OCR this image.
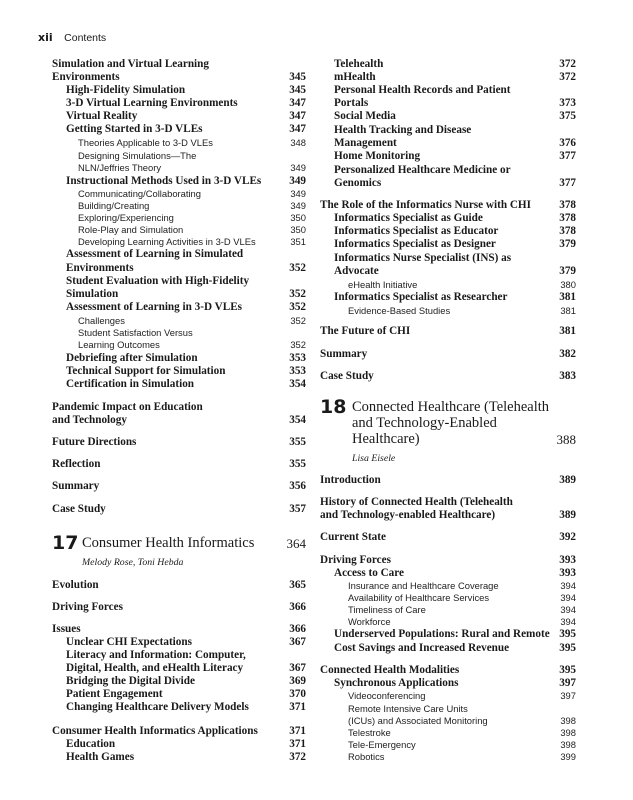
xii Contents
Simulation and Virtual Learning
Environments	345
High-Fidelity Simulation	345
3-D Virtual Learning Environments	347
Virtual Reality	347
Getting Started in 3-D VLEs	347
Theories Applicable to 3-D VLEs	348
Designing Simulations—The
NLN/Jeffries Theory	349
Instructional Methods Used in 3-D VLEs	349
Communicating/Collaborating	349
Building/Creating	349
Exploring/Experiencing	350
Role-Play and Simulation	350
Developing Learning Activities in 3-D VLEs	351
Assessment of Learning in Simulated
Environments	352
Student Evaluation with High-Fidelity
Simulation	352
Assessment of Learning in 3-D VLEs	352
Challenges	352
Student Satisfaction Versus
Learning Outcomes	352
Debriefing after Simulation	353
Technical Support for Simulation	353
Certification in Simulation	354
Pandemic Impact on Education
and Technology	354
Future Directions	355
Reflection	355
Summary	356
Case Study	357
Evolution	365
Driving Forces	366
Issues	366
Unclear CHI Expectations	367
Literacy and Information: Computer,
Digital, Health, and eHealth Literacy	367
Bridging the Digital Divide	369
Patient Engagement	370
Changing Healthcare Delivery Models	371
Consumer Health Informatics Applications	371
Education	371
Health Games	372
Telehealth	372
mHealth	372
Personal Health Records and Patient
Portals	373
Social Media	375
Health Tracking and Disease
Management	376
Home Monitoring	377
Personalized Healthcare Medicine or
Genomics	377
The Role of the Informatics Nurse with CHI	378
Informatics Specialist as Guide	378
Informatics Specialist as Educator	378
Informatics Specialist as Designer	379
Informatics Nurse Specialist (INS) as
Advocate	379
eHealth Initiative	380
Informatics Specialist as Researcher	381
Evidence-Based Studies	381
The Future of CHI	381
Summary	382
Case Study	383
Introduction	389
History of Connected Health (Telehealth
and Technology-enabled Healthcare)	389
Current State	392
Driving Forces	393
Access to Care	393
Insurance and Healthcare Coverage	394
Availability of Healthcare Services	394
Timeliness of Care	394
Workforce	394
Underserved Populations: Rural and Remote 395
Cost Savings and Increased Revenue	395
Connected Health Modalities	395
Synchronous Applications	397
Videoconferencing	397
Remote Intensive Care Units
(ICUs) and Associated Monitoring	398
Telestroke	398
Tele-Emergency	398
Robotics	399
17 Consumer Health Informatics	364
Melody Rose, Toni Hebda
18 Connected Healthcare (Telehealth
and Technology-Enabled
Healthcare)	388
Lisa Eisele
